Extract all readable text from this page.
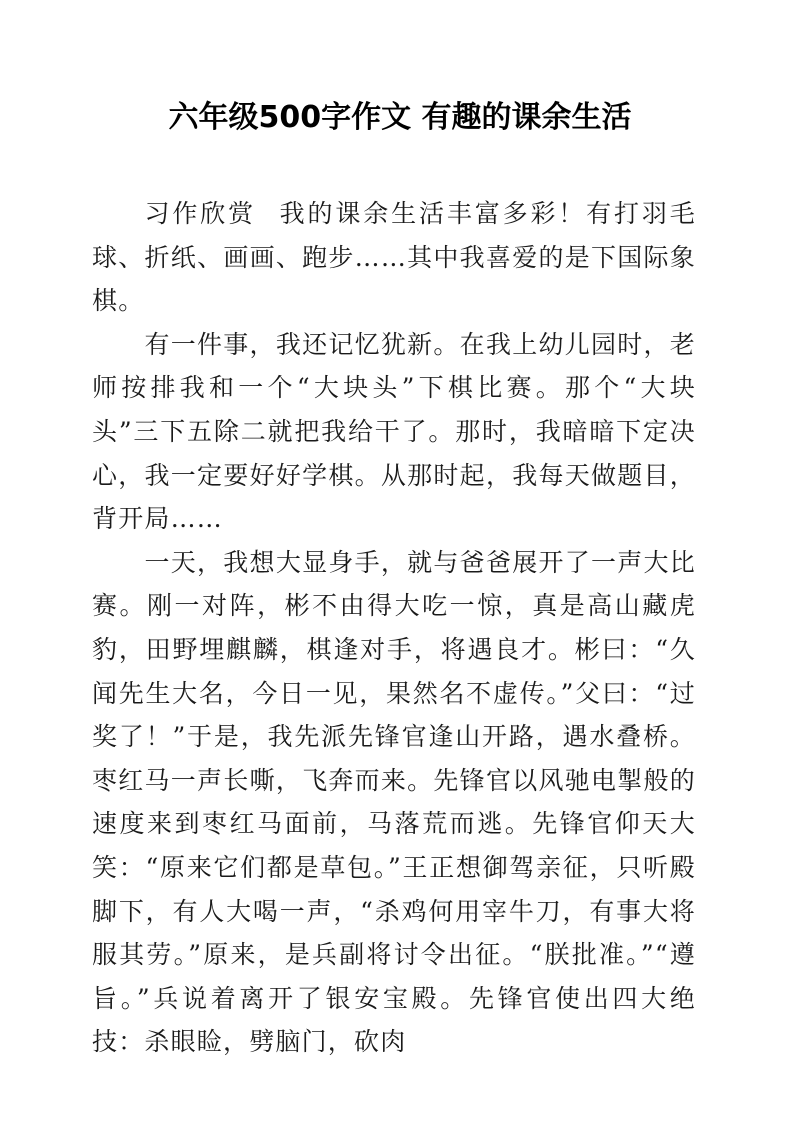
六年级500字作文 有趣的课余生活

习作欣赏 我的课余生活丰富多彩！有打羽毛球、折纸、画画、跑步……其中我喜爱的是下国际象棋。

有一件事，我还记忆犹新。在我上幼儿园时，老师按排我和一个“大块头”下棋比赛。那个“大块头”三下五除二就把我给干了。那时，我暗暗下定决心，我一定要好好学棋。从那时起，我每天做题目，背开局……

一天，我想大显身手，就与爸爸展开了一声大比赛。刚一对阵，彬不由得大吃一惊，真是高山藏虎豹，田野埋麒麟，棋逢对手，将遇良才。彬曰：“久闻先生大名，今日一见，果然名不虚传。”父曰：“过奖了！”于是，我先派先锋官逢山开路，遇水叠桥。枣红马一声长嘶，飞奔而来。先锋官以风驰电掣般的速度来到枣红马面前，马落荒而逃。先锋官仰天大笑：“原来它们都是草包。”王正想御驾亲征，只听殿脚下，有人大喝一声，“杀鸡何用宰牛刀，有事大将服其劳。”原来，是兵副将讨令出征。“朕批准。”“遵旨。”兵说着离开了银安宝殿。先锋官使出四大绝技：杀眼睑，劈脑门，砍肉
